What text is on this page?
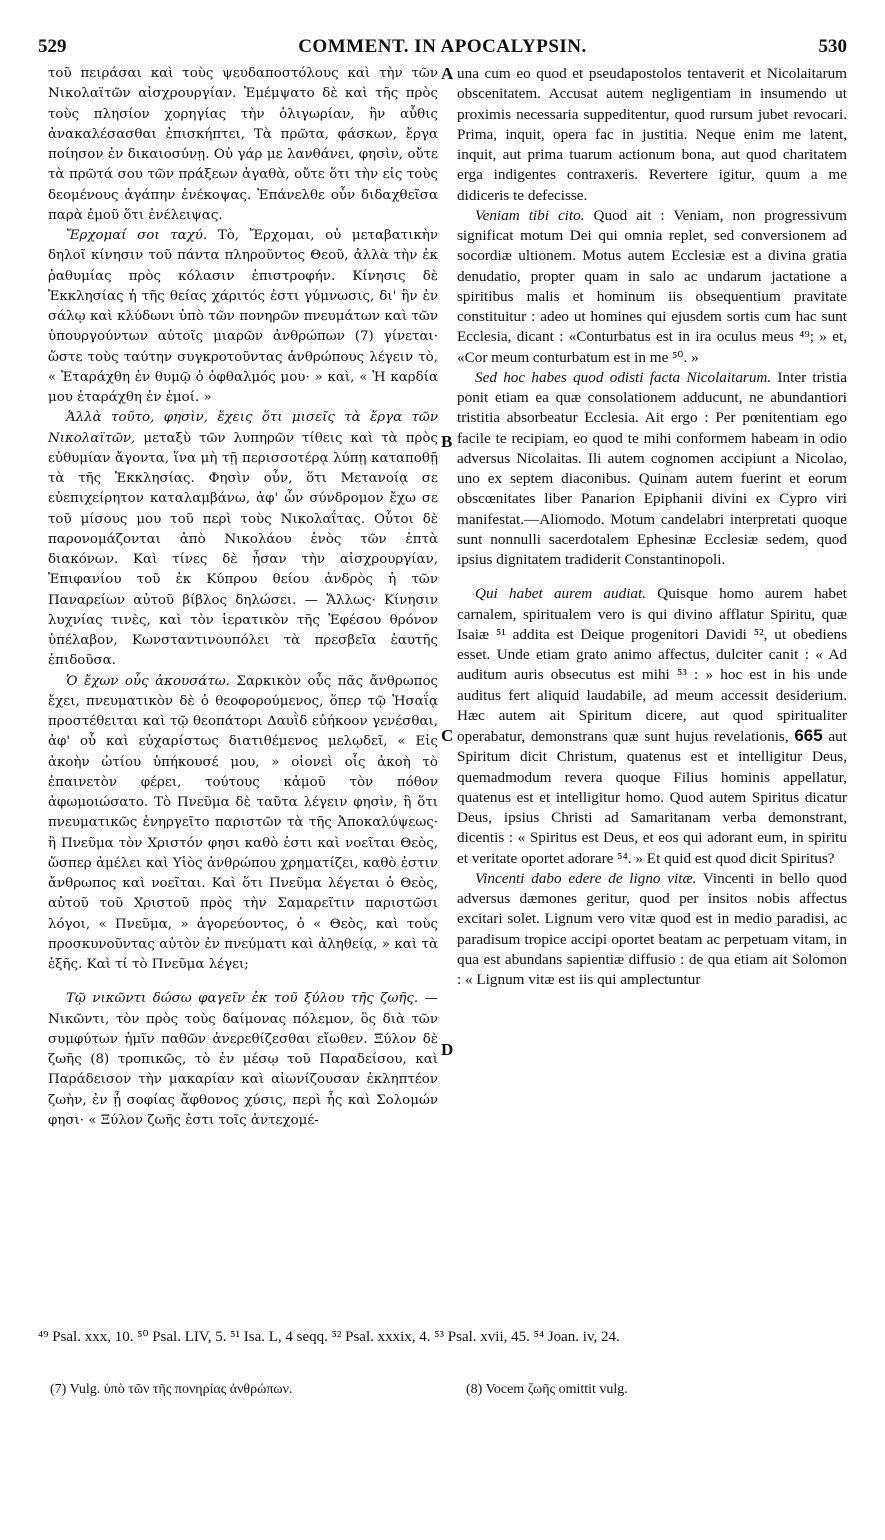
529	COMMENT. IN APOCALYPSIN.	530

τοῦ πειράσαι καὶ τοὺς ψευδαποστόλους καὶ τὴν τῶν Νικολαϊτῶν αἰσχρουργίαν. Ἐμέμψατο δὲ καὶ τῆς πρὸς τοὺς πλησίον χορηγίας τὴν ὀλιγωρίαν, ἣν αὖθις ἀνακαλέσασθαι ἐπισκήπτει, Τὰ πρῶτα, φάσκων, ἔργα ποίησον ἐν δικαιοσύνῃ. Οὐ γάρ με λανθάνει, φησὶν, οὔτε τὰ πρῶτά σου τῶν πράξεων ἀγαθὰ, οὔτε ὅτι τὴν εἰς τοὺς δεομένους ἀγάπην ἐνέκοψας. Ἐπάνελθε οὖν διδαχθεῖσα παρὰ ἐμοῦ ὅτι ἐνέλειψας.

Ἔρχομαί σοι ταχύ. Τὸ, Ἔρχομαι, οὐ μεταβατικὴν δηλοῖ κίνησιν τοῦ πάντα πληροῦντος Θεοῦ, ἀλλὰ τὴν ἐκ ῥαθυμίας πρὸς κόλασιν ἐπιστροφήν. Κίνησις δὲ Ἐκκλησίας ἡ τῆς θείας χάριτός ἐστι γύμνωσις, δι' ἣν ἐν σάλῳ καὶ κλύδωνι ὑπὸ τῶν πονηρῶν πνευμάτων καὶ τῶν ὑπουργούντων αὐτοῖς μιαρῶν ἀνθρώπων (7) γίνεται· ὥστε τοὺς ταύτην συγκροτοῦντας ἀνθρώπους λέγειν τὸ, « Ἐταράχθη ἐν θυμῷ ὁ ὀφθαλμός μου· » καὶ, « Ἡ καρδία μου ἐταράχθη ἐν ἐμοί. »

Ἀλλὰ τοῦτο, φησὶν, ἔχεις ὅτι μισεῖς τὰ ἔργα τῶν Νικολαϊτῶν, μεταξὺ τῶν λυπηρῶν τίθεις καὶ τὰ πρὸς εὐθυμίαν ἄγοντα, ἵνα μὴ τῇ περισσοτέρᾳ λύπῃ καταποθῇ τὰ τῆς Ἐκκλησίας. Φησὶν οὖν, ὅτι Μετανοίᾳ σε εὐεπιχείρητον καταλαμβάνω, ἀφ' ὧν σύνδρομον ἔχω σε τοῦ μίσους μου τοῦ περὶ τοὺς Νικολαΐτας. Οὗτοι δὲ παρονομάζονται ἀπὸ Νικολάου ἑνὸς τῶν ἑπτὰ διακόνων. Καὶ τίνες δὲ ἦσαν τὴν αἰσχρουργίαν, Ἐπιφανίου τοῦ ἐκ Κύπρου θείου ἀνδρὸς ἡ τῶν Παναρείων αὐτοῦ βίβλος δηλώσει. — Ἄλλως· Κίνησιν λυχνίας τινὲς, καὶ τὸν ἱερατικὸν τῆς Ἐφέσου θρόνον ὑπέλαβον, Κωνσταντινουπόλει τὰ πρεσβεῖα ἑαυτῆς ἐπιδοῦσα.

Ὁ ἔχων οὖς ἀκουσάτω. Σαρκικὸν οὖς πᾶς ἄνθρωπος ἔχει, πνευματικὸν δὲ ὁ θεοφορούμενος, ὅπερ τῷ Ἡσαΐᾳ προστέθειται καὶ τῷ θεοπάτορι Δαυῒδ εὐήκοον γενέσθαι, ἀφ' οὗ καὶ εὐχαρίστως διατιθέμενος μελῳδεῖ, « Εἰς ἀκοὴν ὠτίου ὑπήκουσέ μου, » οἱονεὶ οἷς ἀκοὴ τὸ ἐπαινετὸν φέρει, τούτους κἀμοῦ τὸν πόθον ἀφωμοιώσατο. Τὸ Πνεῦμα δὲ ταῦτα λέγειν φησὶν, ἢ ὅτι πνευματικῶς ἐνηργεῖτο παριστῶν τὰ τῆς Ἀποκαλύψεως· ἢ Πνεῦμα τὸν Χριστόν φησι καθὸ ἐστι καὶ νοεῖται Θεὸς, ὥσπερ ἀμέλει καὶ Υἱὸς ἀνθρώπου χρηματίζει, καθὸ ἐστιν ἄνθρωπος καὶ νοεῖται. Καὶ ὅτι Πνεῦμα λέγεται ὁ Θεὸς, αὐτοῦ τοῦ Χριστοῦ πρὸς τὴν Σαμαρεῖτιν παριστῶσι λόγοι, « Πνεῦμα, » ἀγορεύοντος, ὁ « Θεὸς, καὶ τοὺς προσκυνοῦντας αὐτὸν ἐν πνεύματι καὶ ἀληθείᾳ, » καὶ τὰ ἑξῆς. Καὶ τί τὸ Πνεῦμα λέγει;

Τῷ νικῶντι δώσω φαγεῖν ἐκ τοῦ ξύλου τῆς ζωῆς. — Νικῶντι, τὸν πρὸς τοὺς δαίμονας πόλεμον, ὃς διὰ τῶν συμφύτων ἡμῖν παθῶν ἀνερεθίζεσθαι εἴωθεν. Ξύλον δὲ ζωῆς (8) τροπικῶς, τὸ ἐν μέσῳ τοῦ Παραδείσου, καὶ Παράδεισον τὴν μακαρίαν καὶ αἰωνίζουσαν ἐκληπτέον ζωὴν, ἐν ᾗ σοφίας ἄφθονος χύσις, περὶ ἧς καὶ Σολομών φησι· « Ξύλον ζωῆς ἐστι τοῖς ἀντεχομέ-

A
B
C
D

una cum eo quod et pseudapostolos tentaverit et Nicolaitarum obscenitatem. Accusat autem negligentiam in insumendo ut proximis necessaria suppeditentur, quod rursum jubet revocari. Prima, inquit, opera fac in justitia. Neque enim me latent, inquit, aut prima tuarum actionum bona, aut quod charitatem erga indigentes contraxeris. Revertere igitur, quum a me didiceris te defecisse.

Veniam tibi cito. Quod ait : Veniam, non progressivum significat motum Dei qui omnia replet, sed conversionem ad socordiæ ultionem. Motus autem Ecclesiæ est a divina gratia denudatio, propter quam in salo ac undarum jactatione a spiritibus malis et hominum iis obsequentium pravitate constituitur : adeo ut homines qui ejusdem sortis cum hac sunt Ecclesia, dicant : «Conturbatus est in ira oculus meus ⁴⁹; » et, «Cor meum conturbatum est in me ⁵⁰. »

Sed hoc habes quod odisti facta Nicolaitarum. Inter tristia ponit etiam ea quæ consolationem adducunt, ne abundantiori tristitia absorbeatur Ecclesia. Ait ergo : Per pœnitentiam ego facile te recipiam, eo quod te mihi conformem habeam in odio adversus Nicolaitas. Ili autem cognomen accipiunt a Nicolao, uno ex septem diaconibus. Quinam autem fuerint et eorum obscœnitates liber Panarion Epiphanii divini ex Cypro viri manifestat.—Aliomodo. Motum candelabri interpretati quoque sunt nonnulli sacerdotalem Ephesinæ Ecclesiæ sedem, quod ipsius dignitatem tradiderit Constantinopoli.

Qui habet aurem audiat. Quisque homo aurem habet carnalem, spiritualem vero is qui divino afflatur Spiritu, quæ Isaiæ ⁵¹ addita est Deique progenitori Davidi ⁵², ut obediens esset. Unde etiam grato animo affectus, dulciter canit : « Ad auditum auris obsecutus est mihi ⁵³ : » hoc est in his unde auditus fert aliquid laudabile, ad meum accessit desiderium. Hæc autem ait Spiritum dicere, aut quod spiritualiter operabatur, demonstrans quæ sunt hujus revelationis, 665 aut Spiritum dicit Christum, quatenus est et intelligitur Deus, quemadmodum revera quoque Filius hominis appellatur, quatenus est et intelligitur homo. Quod autem Spiritus dicatur Deus, ipsius Christi ad Samaritanam verba demonstrant, dicentis : « Spiritus est Deus, et eos qui adorant eum, in spiritu et veritate oportet adorare ⁵⁴. » Et quid est quod dicit Spiritus?

Vincenti dabo edere de ligno vitæ. Vincenti in bello quod adversus dæmones geritur, quod per insitos nobis affectus excitari solet. Lignum vero vitæ quod est in medio paradisi, ac paradisum tropice accipi oportet beatam ac perpetuam vitam, in qua est abundans sapientiæ diffusio : de qua etiam ait Solomon : « Lignum vitæ est iis qui amplectuntur

⁴⁹ Psal. xxx, 10. ⁵⁰ Psal. LIV, 5. ⁵¹ Isa. L, 4 seqq. ⁵² Psal. xxxix, 4. ⁵³ Psal. xvii, 45. ⁵⁴ Joan. iv, 24.
(7) Vulg. ὑπὸ τῶν τῆς πονηρίας ἀνθρώπων.	(8) Vocem ζωῆς omittit vulg.
